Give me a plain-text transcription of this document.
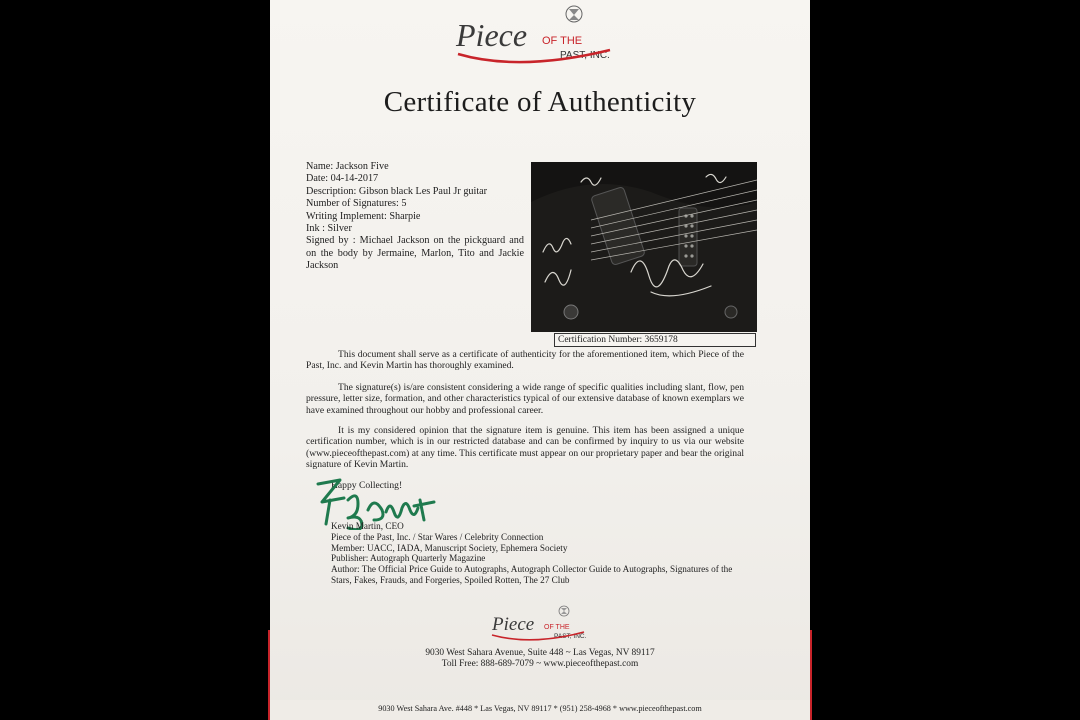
Piece OF THE
PAST, INC.
Certificate of Authenticity
Name: Jackson Five
Date: 04-14-2017
Description: Gibson black Les Paul Jr guitar
Number of Signatures: 5
Writing Implement: Sharpie
Ink : Silver
Signed by : Michael Jackson on the pickguard and on the body by Jermaine, Marlon, Tito and Jackie Jackson
Certification Number: 3659178
This document shall serve as a certificate of authenticity for the aforementioned item, which Piece of the Past, Inc. and Kevin Martin has thoroughly examined.
The signature(s) is/are consistent considering a wide range of specific qualities including slant, flow, pen pressure, letter size, formation, and other characteristics typical of our extensive database of known exemplars we have examined throughout our hobby and professional career.
It is my considered opinion that the signature item is genuine. This item has been assigned a unique certification number, which is in our restricted database and can be confirmed by inquiry to us via our website (www.pieceofthepast.com) at any time. This certificate must appear on our proprietary paper and bear the original signature of Kevin Martin.
Happy Collecting!
Kevin Martin, CEO
Piece of the Past, Inc. / Star Wares / Celebrity Connection
Member: UACC, IADA, Manuscript Society, Ephemera Society
Publisher: Autograph Quarterly Magazine
Author: The Official Price Guide to Autographs, Autograph Collector Guide to Autographs, Signatures of the Stars, Fakes, Frauds, and Forgeries, Spoiled Rotten, The 27 Club
Piece OF THE
PAST, INC.
9030 West Sahara Avenue, Suite 448 ~ Las Vegas, NV 89117
Toll Free: 888-689-7079 ~ www.pieceofthepast.com
9030 West Sahara Ave. #448 * Las Vegas, NV 89117 * (951) 258-4968 * www.pieceofthepast.com
